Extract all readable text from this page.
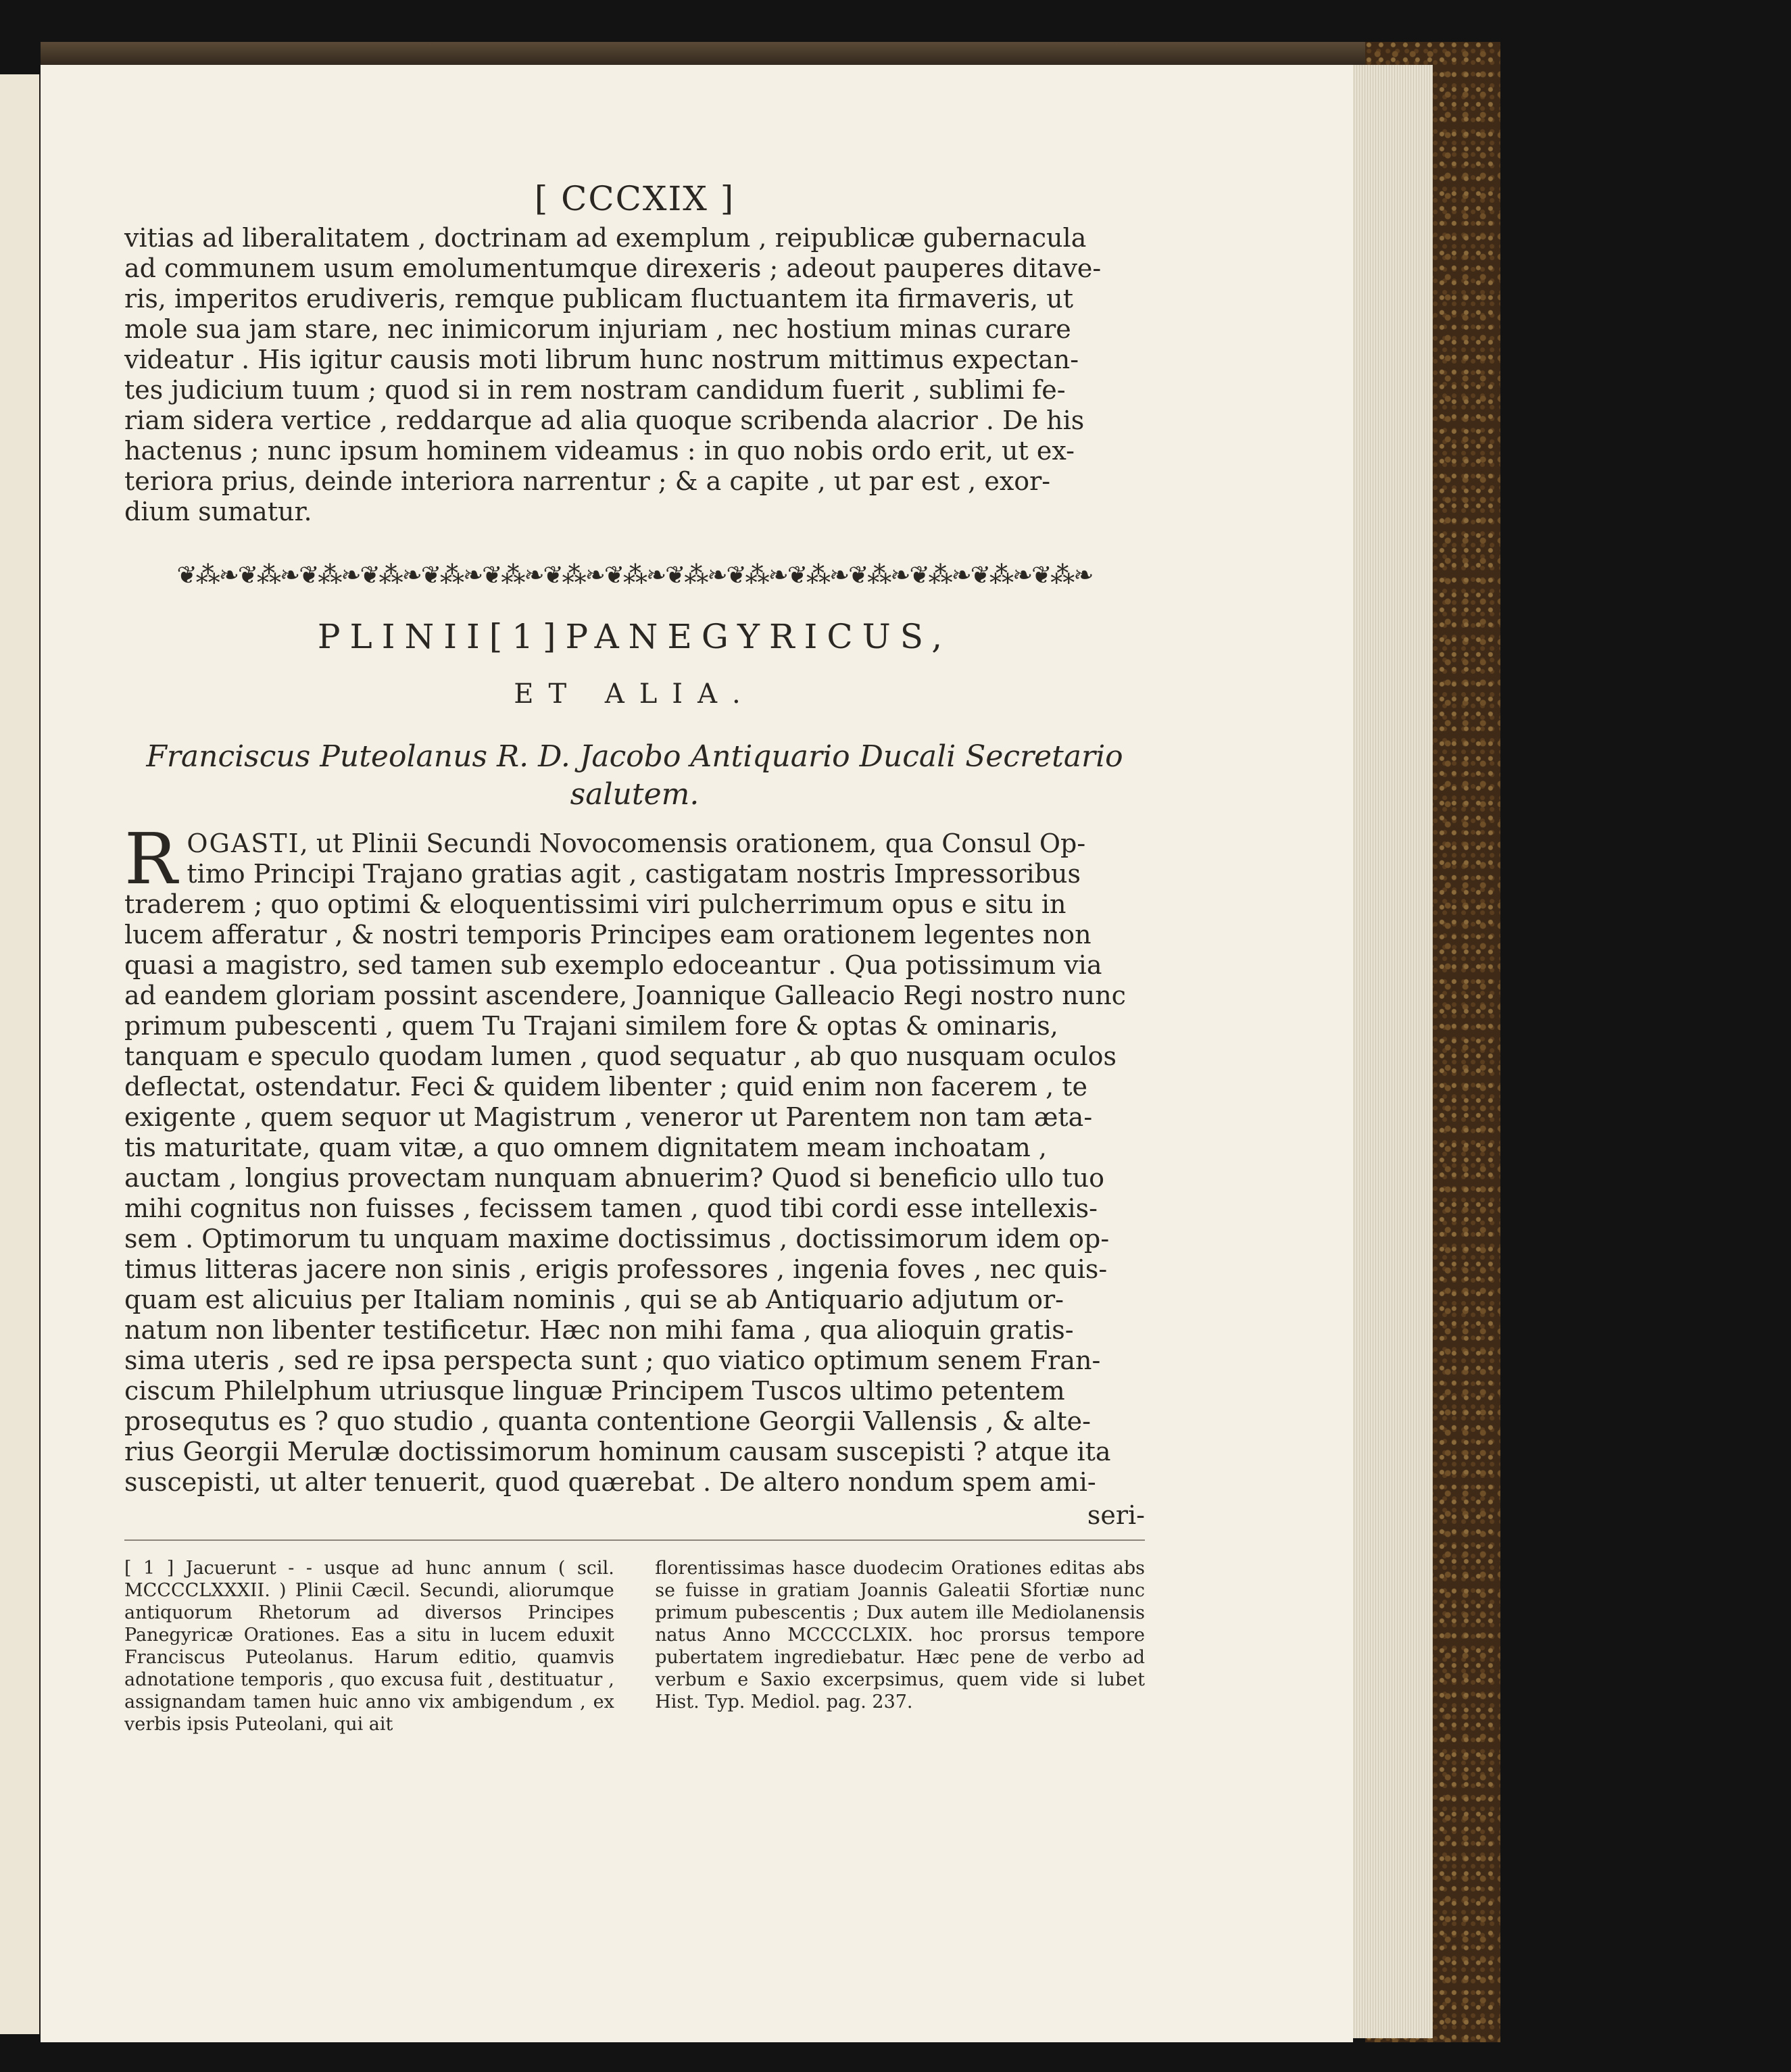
[ CCCXIX ]

vitias ad liberalitatem , doctrinam ad exemplum , reipublicæ gubernacula

ad communem usum emolumentumque direxeris ; adeout pauperes ditave-

ris, imperitos erudiveris, remque publicam fluctuantem ita firmaveris, ut

mole sua jam stare, nec inimicorum injuriam , nec hostium minas curare

videatur . His igitur causis moti librum hunc nostrum mittimus expectan-

tes judicium tuum ; quod si in rem nostram candidum fuerit , sublimi fe-

riam sidera vertice , reddarque ad alia quoque scribenda alacrior . De his

hactenus ; nunc ipsum hominem videamus : in quo nobis ordo erit, ut ex-

teriora prius, deinde interiora narrentur ; & a capite , ut par est , exor-

dium sumatur.

❦⁂❧❦⁂❧❦⁂❧❦⁂❧❦⁂❧❦⁂❧❦⁂❧❦⁂❧❦⁂❧❦⁂❧❦⁂❧❦⁂❧❦⁂❧❦⁂❧❦⁂❧
PLINII[1]PANEGYRICUS,
ET ALIA.
Franciscus Puteolanus R. D. Jacobo Antiquario Ducali Secretario
salutem.

ROGASTI, ut Plinii Secundi Novocomensis orationem, qua Consul Op-

timo Principi Trajano gratias agit , castigatam nostris Impressoribus

traderem ; quo optimi & eloquentissimi viri pulcherrimum opus e situ in

lucem afferatur , & nostri temporis Principes eam orationem legentes non

quasi a magistro, sed tamen sub exemplo edoceantur . Qua potissimum via

ad eandem gloriam possint ascendere, Joannique Galleacio Regi nostro nunc

primum pubescenti , quem Tu Trajani similem fore & optas & ominaris,

tanquam e speculo quodam lumen , quod sequatur , ab quo nusquam oculos

deflectat, ostendatur. Feci & quidem libenter ; quid enim non facerem , te

exigente , quem sequor ut Magistrum , veneror ut Parentem non tam æta-

tis maturitate, quam vitæ, a quo omnem dignitatem meam inchoatam ,

auctam , longius provectam nunquam abnuerim? Quod si beneficio ullo tuo

mihi cognitus non fuisses , fecissem tamen , quod tibi cordi esse intellexis-

sem . Optimorum tu unquam maxime doctissimus , doctissimorum idem op-

timus litteras jacere non sinis , erigis professores , ingenia foves , nec quis-

quam est alicuius per Italiam nominis , qui se ab Antiquario adjutum or-

natum non libenter testificetur. Hæc non mihi fama , qua alioquin gratis-

sima uteris , sed re ipsa perspecta sunt ; quo viatico optimum senem Fran-

ciscum Philelphum utriusque linguæ Principem Tuscos ultimo petentem

prosequtus es ? quo studio , quanta contentione Georgii Vallensis , & alte-

rius Georgii Merulæ doctissimorum hominum causam suscepisti ? atque ita

suscepisti, ut alter tenuerit, quod quærebat . De altero nondum spem ami-

seri-
[ 1 ] Jacuerunt - - usque ad hunc annum ( scil. MCCCCLXXXII. ) Plinii Cæcil. Secundi, aliorumque antiquorum Rhetorum ad diversos Principes Panegyricæ Orationes. Eas a situ in lucem eduxit Franciscus Puteolanus. Harum editio, quamvis adnotatione temporis , quo excusa fuit , destituatur , assignandam tamen huic anno vix ambigendum , ex verbis ipsis Puteolani, qui ait
florentissimas hasce duodecim Orationes editas abs se fuisse in gratiam Joannis Galeatii Sfortiæ nunc primum pubescentis ; Dux autem ille Mediolanensis natus Anno MCCCCLXIX. hoc prorsus tempore pubertatem ingrediebatur. Hæc pene de verbo ad verbum e Saxio excerpsimus, quem vide si lubet Hist. Typ. Mediol. pag. 237.
